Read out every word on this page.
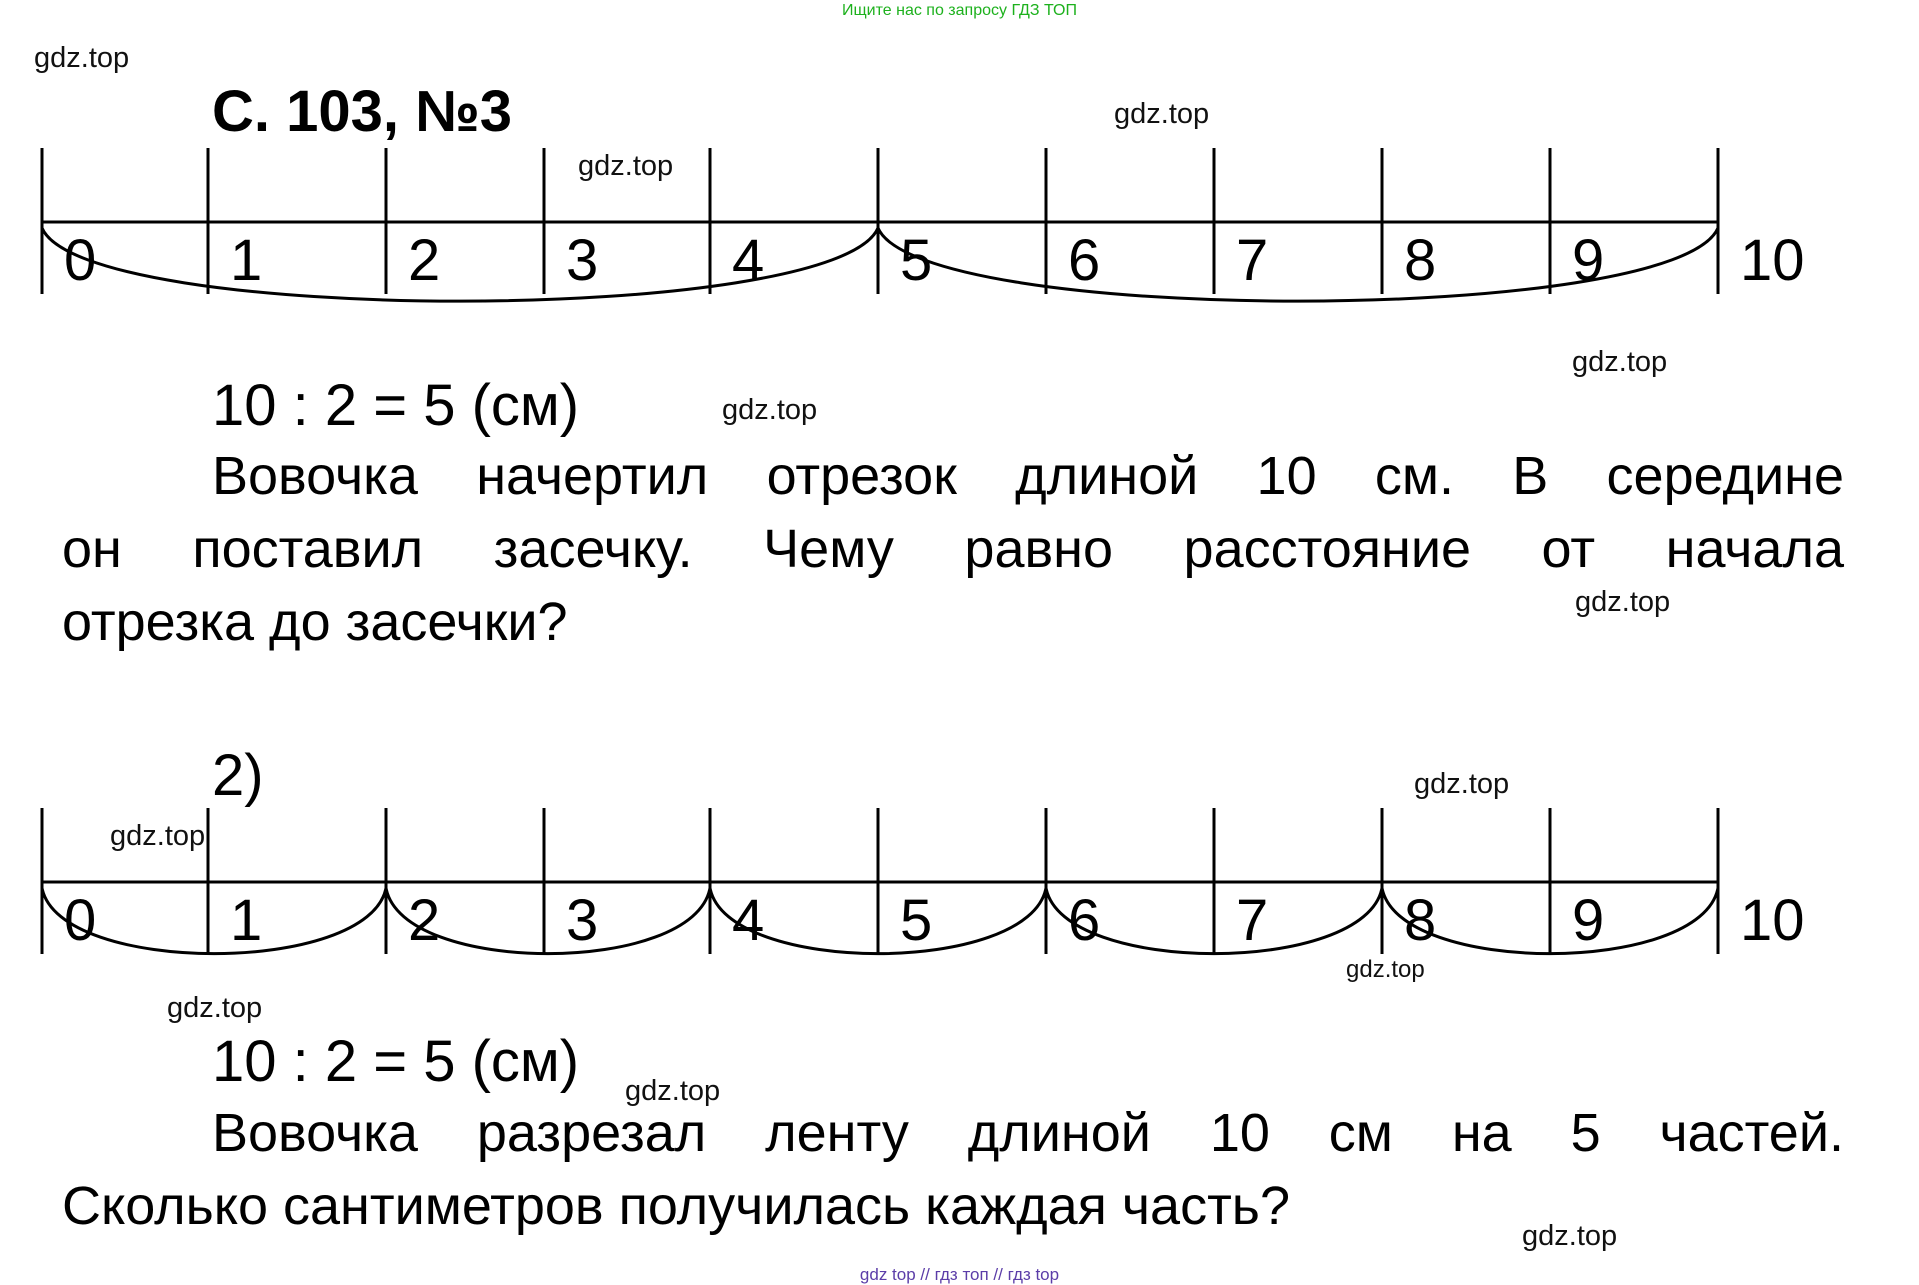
Ищите нас по запросу ГДЗ ТОП
gdz.top
gdz.top
gdz.top
gdz.top
gdz.top
gdz.top
gdz.top
gdz.top
gdz.top
gdz.top
gdz.top
gdz.top
С. 103, №3
0 1	2 3 4 5 6 7 8 9 10
10 : 2 = 5 (см)
Вовочка начертил отрезок длиной 10 см. В середине
он поставил засечку. Чему равно расстояние от начала
отрезка до засечки?
2)
0 1	2 3 4 5 6 7 8 9 10
10 : 2 = 5 (см)
Вовочка разрезал ленту длиной 10 см на 5 частей.
Сколько сантиметров получилась каждая часть?
gdz top // гдз топ // гдз top
